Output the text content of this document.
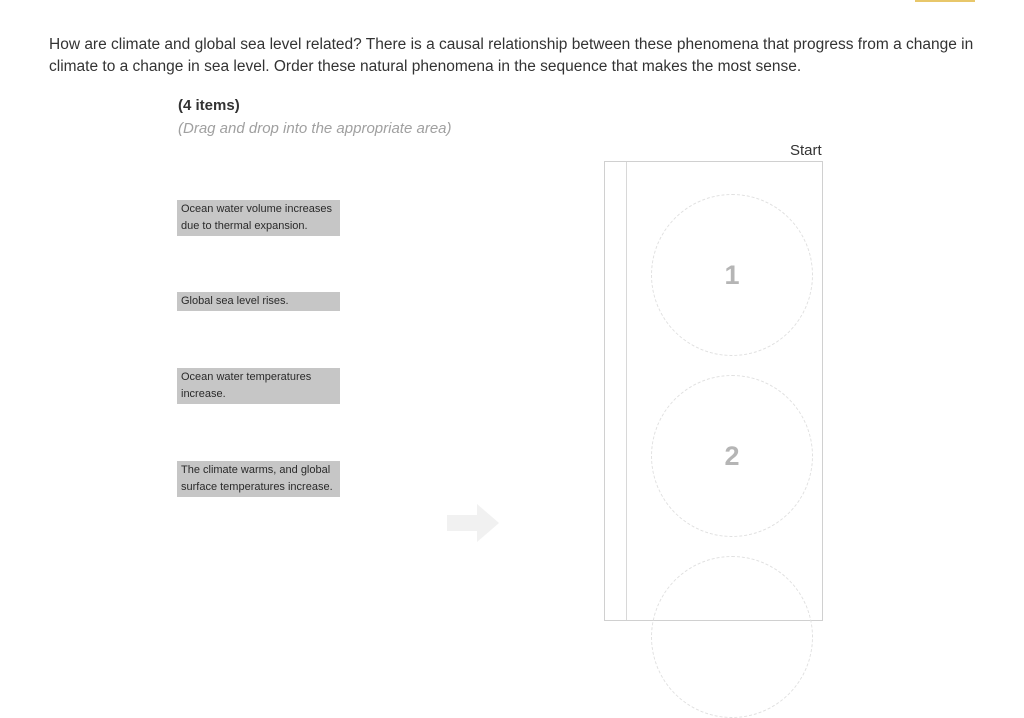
How are climate and global sea level related? There is a causal relationship between these phenomena that progress from a change in climate to a change in sea level. Order these natural phenomena in the sequence that makes the most sense.
(4 items)
(Drag and drop into the appropriate area)
Ocean water volume increases due to thermal expansion.
Global sea level rises.
Ocean water temperatures increase.
The climate warms, and global surface temperatures increase.
Start
1
2
